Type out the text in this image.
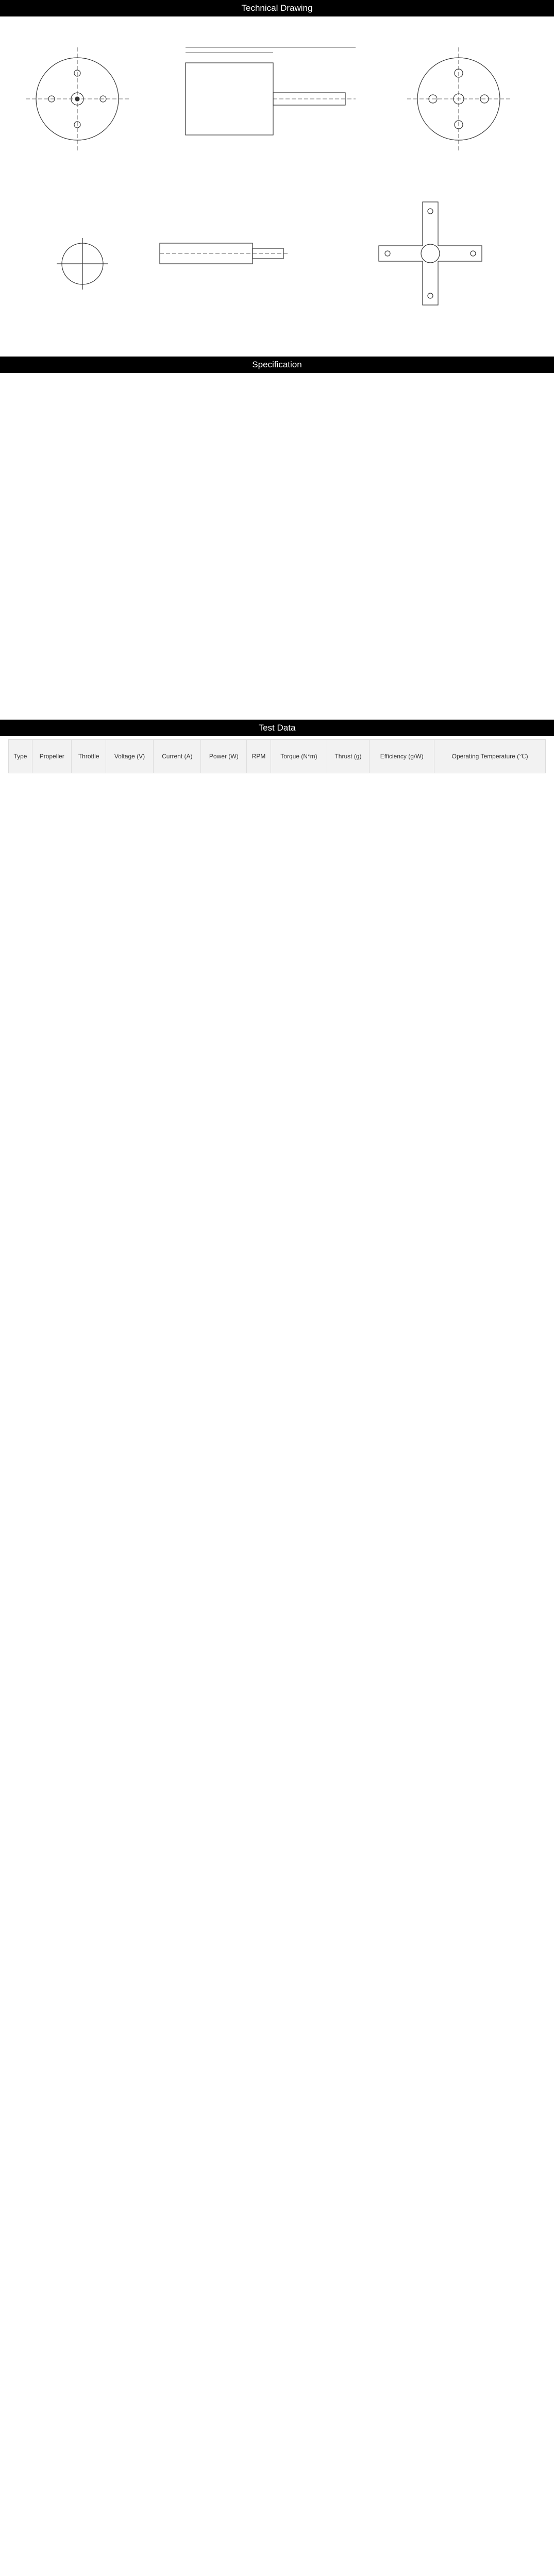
Technical Drawing
Specification
Test Data
Type	Propeller	Throttle	Voltage (V)	Current (A)	Power (W)	RPM	Torque (N*m)	Thrust (g)	Efficiency (g/W)	Operating Temperature (℃)
